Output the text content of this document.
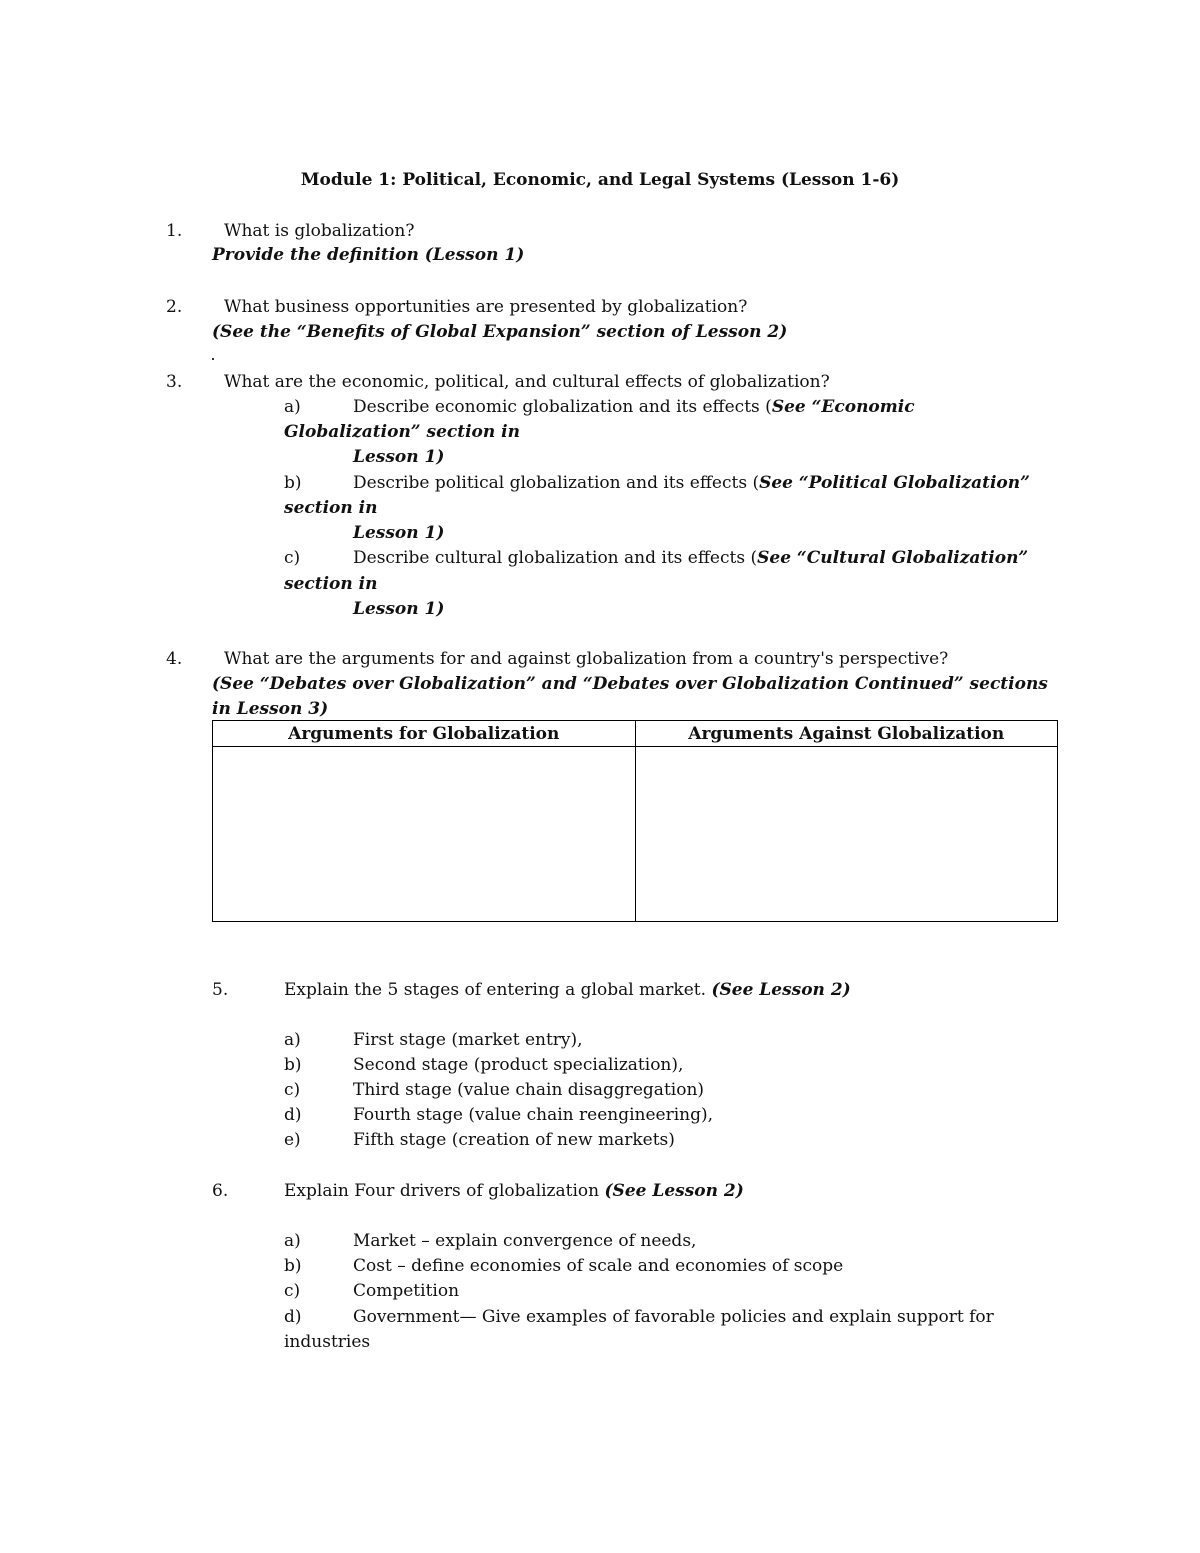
Module 1: Political, Economic, and Legal Systems (Lesson 1-6)
1. What is globalization?
Provide the definition (Lesson 1)
2. What business opportunities are presented by globalization?
(See the “Benefits of Global Expansion” section of Lesson 2)
3. What are the economic, political, and cultural effects of globalization?
a)	Describe economic globalization and its effects (See “Economic
Globalization” section in
Lesson 1)
b)	Describe political globalization and its effects (See “Political Globalization”
section in
Lesson 1)
c)	Describe cultural globalization and its effects (See “Cultural Globalization”
section in
Lesson 1)
4. What are the arguments for and against globalization from a country's perspective?
(See “Debates over Globalization” and “Debates over Globalization Continued” sections
in Lesson 3)
Arguments for Globalization	Arguments Against Globalization

5.	Explain the 5 stages of entering a global market. (See Lesson 2)
a)	First stage (market entry),
b)	Second stage (product specialization),
c)	Third stage (value chain disaggregation)
d)	Fourth stage (value chain reengineering),
e)	Fifth stage (creation of new markets)
6.	Explain Four drivers of globalization (See Lesson 2)
a)	Market – explain convergence of needs,
b)	Cost – define economies of scale and economies of scope
c)	Competition
d)	Government— Give examples of favorable policies and explain support for
industries
